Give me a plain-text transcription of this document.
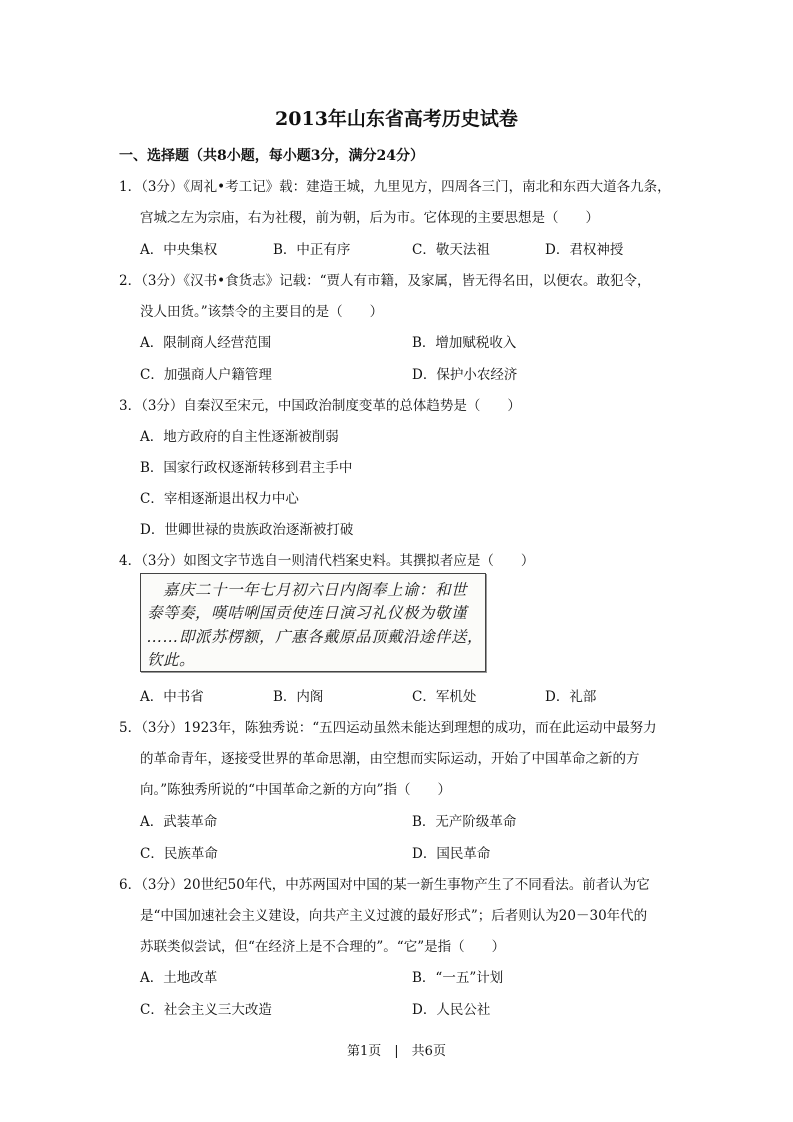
2013年山东省高考历史试卷
一、选择题（共8小题，每小题3分，满分24分）
1．（3分）《周礼•考工记》载：建造王城，九里见方，四周各三门，南北和东西大道各九条，
宫城之左为宗庙，右为社稷，前为朝，后为市。它体现的主要思想是（　　）
A．中央集权	B．中正有序	C．敬天法祖	D．君权神授
2．（3分）《汉书•食货志》记载：“贾人有市籍，及家属，皆无得名田，以便农。敢犯令，
没人田货。”该禁令的主要目的是（　　）
A．限制商人经营范围	B．增加赋税收入
C．加强商人户籍管理	D．保护小农经济
3．（3分）自秦汉至宋元，中国政治制度变革的总体趋势是（　　）
A．地方政府的自主性逐渐被削弱
B．国家行政权逐渐转移到君主手中
C．宰相逐渐退出权力中心
D．世卿世禄的贵族政治逐渐被打破
4．（3分）如图文字节选自一则清代档案史料。其撰拟者应是（　　）
　嘉庆二十一年七月初六日内阁奉上谕：和世
泰等奏，嘆咭唎国贡使连日演习礼仪极为敬谨
……即派苏楞额，广惠各戴原品顶戴沿途伴送，
钦此。
A．中书省	B．内阁	C．军机处	D．礼部
5．（3分）1923年，陈独秀说：“五四运动虽然未能达到理想的成功，而在此运动中最努力
的革命青年，逐接受世界的革命思潮，由空想而实际运动，开始了中国革命之新的方
向。”陈独秀所说的“中国革命之新的方向”指（　　）
A．武装革命	B．无产阶级革命
C．民族革命	D．国民革命
6．（3分）20世纪50年代，中苏两国对中国的某一新生事物产生了不同看法。前者认为它
是“中国加速社会主义建设，向共产主义过渡的最好形式”；后者则认为20－30年代的
苏联类似尝试，但“在经济上是不合理的”。“它”是指（　　）
A．土地改革	B．“一五”计划
C．社会主义三大改造	D．人民公社
第1页　|　共6页
